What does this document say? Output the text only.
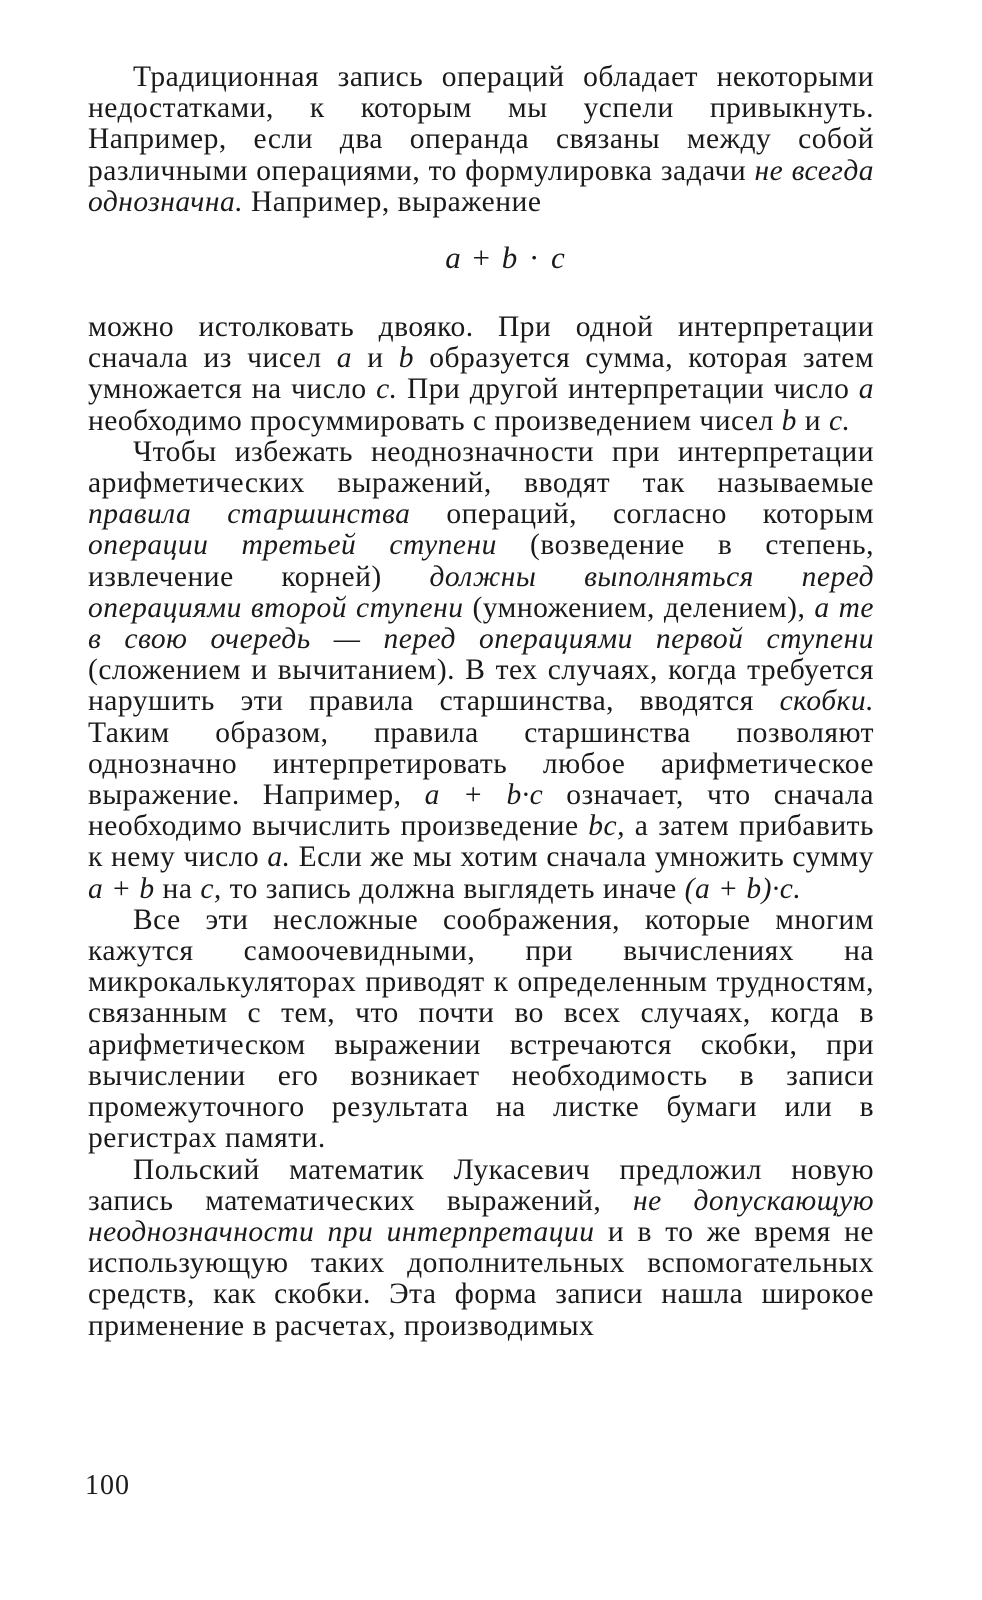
Традиционная запись операций обладает некоторыми недостатками, к которым мы успели привыкнуть. Например, если два операнда связаны между собой различными операциями, то формулировка задачи не всегда однозначна. Например, выражение

a + b · c

можно истолковать двояко. При одной интерпретации сначала из чисел a и b образуется сумма, которая затем умножается на число c. При другой интерпретации число a необходимо просуммировать с произведением чисел b и c.

Чтобы избежать неоднозначности при интерпретации арифметических выражений, вводят так называемые правила старшинства операций, согласно которым операции третьей ступени (возведение в степень, извлечение корней) должны выполняться перед операциями второй ступени (умножением, делением), а те в свою очередь — перед операциями первой ступени (сложением и вычитанием). В тех случаях, когда требуется нарушить эти правила старшинства, вводятся скобки. Таким образом, правила старшинства позволяют однозначно интерпретировать любое арифметическое выражение. Например, a + b·c означает, что сначала необходимо вычислить произведение bc, а затем прибавить к нему число a. Если же мы хотим сначала умножить сумму a + b на c, то запись должна выглядеть иначе (a + b)·c.

Все эти несложные соображения, которые многим кажутся самоочевидными, при вычислениях на микрокалькуляторах приводят к определенным трудностям, связанным с тем, что почти во всех случаях, когда в арифметическом выражении встречаются скобки, при вычислении его возникает необходимость в записи промежуточного результата на листке бумаги или в регистрах памяти.

Польский математик Лукасевич предложил новую запись математических выражений, не допускающую неоднозначности при интерпретации и в то же время не использующую таких дополнительных вспомогательных средств, как скобки. Эта форма записи нашла широкое применение в расчетах, производимых

100
